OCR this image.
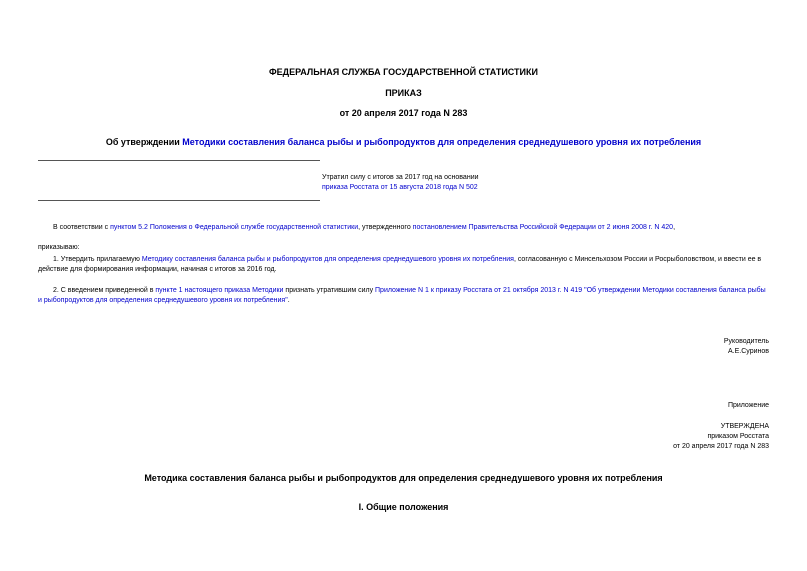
ФЕДЕРАЛЬНАЯ СЛУЖБА ГОСУДАРСТВЕННОЙ СТАТИСТИКИ
ПРИКАЗ
от 20 апреля 2017 года N 283
Об утверждении Методики составления баланса рыбы и рыбопродуктов для определения среднедушевого уровня их потребления

Утратил силу с итогов за 2017 год на основании

приказа Росстата от 15 августа 2018 года N 502

В соответствии с пунктом 5.2 Положения о Федеральной службе государственной статистики, утвержденного постановлением Правительства Российской Федерации от 2 июня 2008 г. N 420,
приказываю:
1. Утвердить прилагаемую Методику составления баланса рыбы и рыбопродуктов для определения среднедушевого уровня их потребления, согласованную с Минсельхозом России и Росрыболовством, и ввести ее в действие для формирования информации, начиная с итогов за 2016 год.
2. С введением приведенной в пункте 1 настоящего приказа Методики признать утратившим силу Приложение N 1 к приказу Росстата от 21 октября 2013 г. N 419 "Об утверждении Методики составления баланса рыбы и рыбопродуктов для определения среднедушевого уровня их потребления".

Руководитель

А.Е.Суринов

Приложение

УТВЕРЖДЕНА

приказом Росстата

от 20 апреля 2017 года N 283

Методика составления баланса рыбы и рыбопродуктов для определения среднедушевого уровня их потребления
I. Общие положения
